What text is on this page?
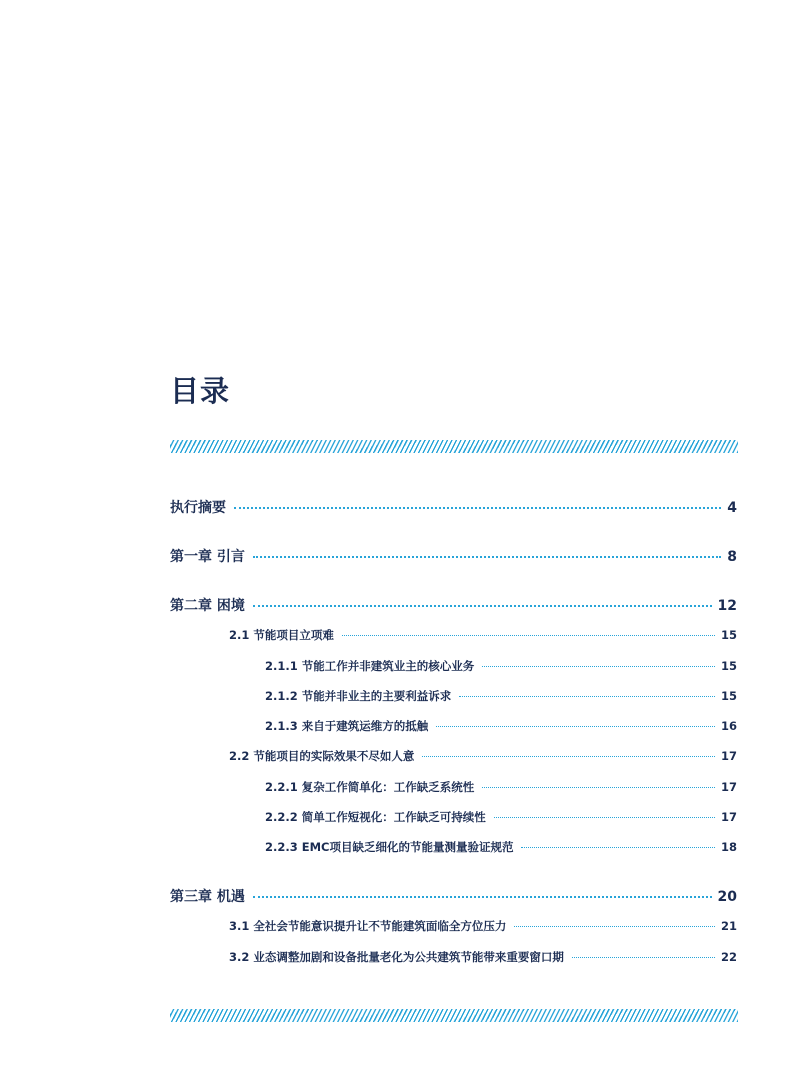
目录
执行摘要	4
第一章 引言	8
第二章 困境	12
2.1 节能项目立项难	15
2.1.1 节能工作并非建筑业主的核心业务	15
2.1.2 节能并非业主的主要利益诉求	15
2.1.3 来自于建筑运维方的抵触	16
2.2 节能项目的实际效果不尽如人意	17
2.2.1 复杂工作简单化：工作缺乏系统性	17
2.2.2 简单工作短视化：工作缺乏可持续性	17
2.2.3 EMC项目缺乏细化的节能量测量验证规范	18
第三章 机遇	20
3.1 全社会节能意识提升让不节能建筑面临全方位压力	21
3.2 业态调整加剧和设备批量老化为公共建筑节能带来重要窗口期	22
